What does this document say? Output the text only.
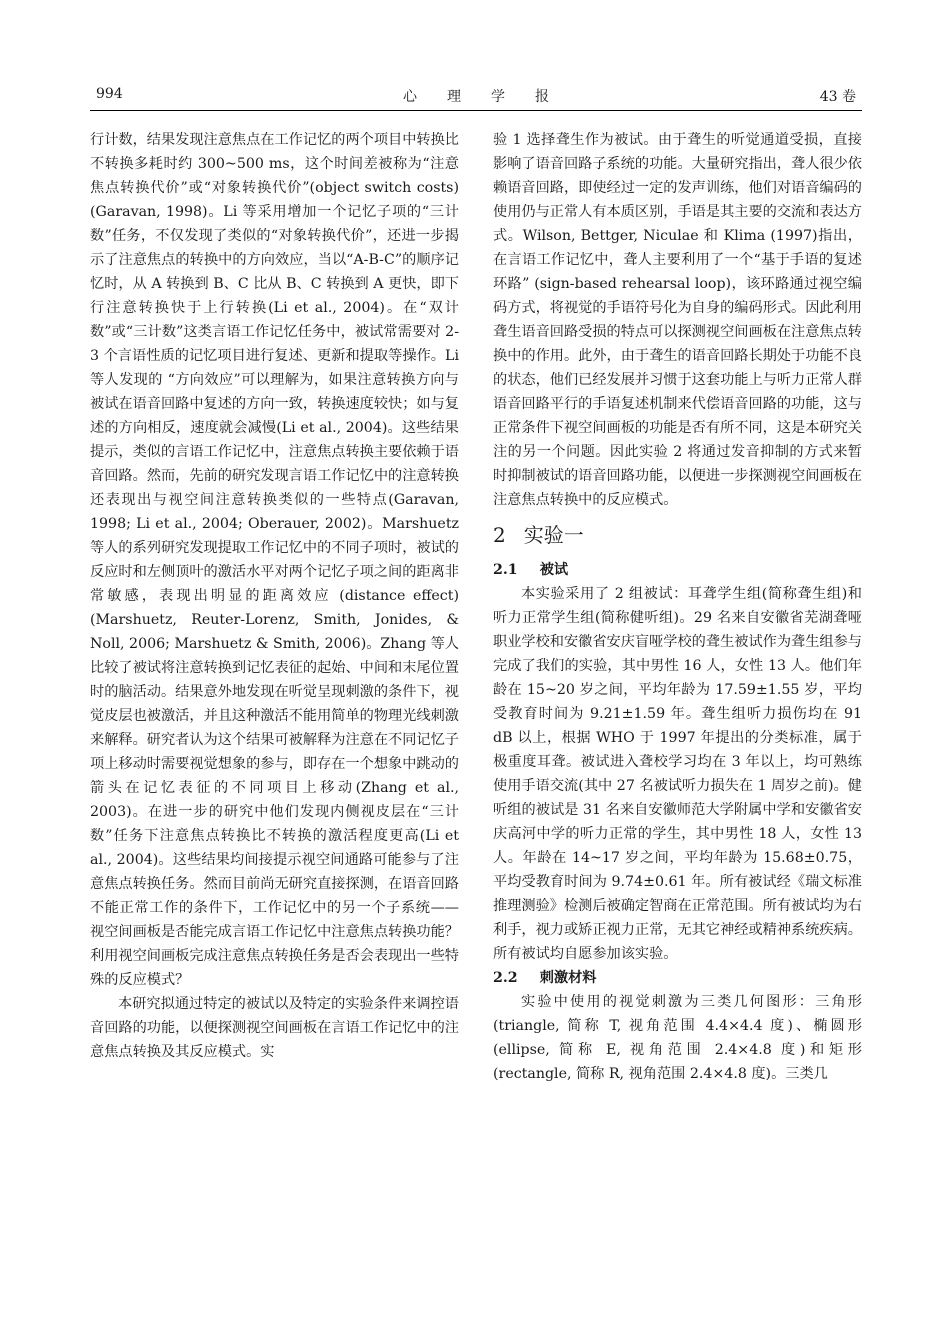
994	心理学报	43 卷

行计数，结果发现注意焦点在工作记忆的两个项目中转换比不转换多耗时约 300~500 ms，这个时间差被称为“注意焦点转换代价”或“对象转换代价”(object switch costs) (Garavan, 1998)。Li 等采用增加一个记忆子项的“三计数”任务，不仅发现了类似的“对象转换代价”，还进一步揭示了注意焦点的转换中的方向效应，当以“A-B-C”的顺序记忆时，从 A 转换到 B、C 比从 B、C 转换到 A 更快，即下行注意转换快于上行转换(Li et al., 2004)。在“双计数”或“三计数”这类言语工作记忆任务中，被试常需要对 2-3 个言语性质的记忆项目进行复述、更新和提取等操作。Li 等人发现的 “方向效应”可以理解为，如果注意转换方向与被试在语音回路中复述的方向一致，转换速度较快；如与复述的方向相反，速度就会减慢(Li et al., 2004)。这些结果提示，类似的言语工作记忆中，注意焦点转换主要依赖于语音回路。然而，先前的研究发现言语工作记忆中的注意转换还表现出与视空间注意转换类似的一些特点(Garavan, 1998; Li et al., 2004; Oberauer, 2002)。Marshuetz 等人的系列研究发现提取工作记忆中的不同子项时，被试的反应时和左侧顶叶的激活水平对两个记忆子项之间的距离非常敏感，表现出明显的距离效应 (distance effect) (Marshuetz, Reuter-Lorenz, Smith, Jonides, & Noll, 2006; Marshuetz & Smith, 2006)。Zhang 等人比较了被试将注意转换到记忆表征的起始、中间和末尾位置时的脑活动。结果意外地发现在听觉呈现刺激的条件下，视觉皮层也被激活，并且这种激活不能用简单的物理光线刺激来解释。研究者认为这个结果可被解释为注意在不同记忆子项上移动时需要视觉想象的参与，即存在一个想象中跳动的箭头在记忆表征的不同项目上移动(Zhang et al., 2003)。在进一步的研究中他们发现内侧视皮层在“三计数”任务下注意焦点转换比不转换的激活程度更高(Li et al., 2004)。这些结果均间接提示视空间通路可能参与了注意焦点转换任务。然而目前尚无研究直接探测，在语音回路不能正常工作的条件下，工作记忆中的另一个子系统—— 视空间画板是否能完成言语工作记忆中注意焦点转换功能？利用视空间画板完成注意焦点转换任务是否会表现出一些特殊的反应模式？

本研究拟通过特定的被试以及特定的实验条件来调控语音回路的功能，以便探测视空间画板在言语工作记忆中的注意焦点转换及其反应模式。实

验 1 选择聋生作为被试。由于聋生的听觉通道受损，直接影响了语音回路子系统的功能。大量研究指出，聋人很少依赖语音回路，即使经过一定的发声训练，他们对语音编码的使用仍与正常人有本质区别，手语是其主要的交流和表达方式。Wilson, Bettger, Niculae 和 Klima (1997)指出，在言语工作记忆中，聋人主要利用了一个“基于手语的复述环路” (sign-based rehearsal loop)，该环路通过视空编码方式，将视觉的手语符号化为自身的编码形式。因此利用聋生语音回路受损的特点可以探测视空间画板在注意焦点转换中的作用。此外，由于聋生的语音回路长期处于功能不良的状态，他们已经发展并习惯于这套功能上与听力正常人群语音回路平行的手语复述机制来代偿语音回路的功能，这与正常条件下视空间画板的功能是否有所不同，这是本研究关注的另一个问题。因此实验 2 将通过发音抑制的方式来暂时抑制被试的语音回路功能，以便进一步探测视空间画板在注意焦点转换中的反应模式。

2 实验一

2.1 被试

本实验采用了 2 组被试：耳聋学生组(简称聋生组)和听力正常学生组(简称健听组)。29 名来自安徽省芜湖聋哑职业学校和安徽省安庆盲哑学校的聋生被试作为聋生组参与完成了我们的实验，其中男性 16 人，女性 13 人。他们年龄在 15~20 岁之间，平均年龄为 17.59±1.55 岁，平均受教育时间为 9.21±1.59 年。聋生组听力损伤均在 91 dB 以上，根据 WHO 于 1997 年提出的分类标准，属于极重度耳聋。被试进入聋校学习均在 3 年以上，均可熟练使用手语交流(其中 27 名被试听力损失在 1 周岁之前)。健听组的被试是 31 名来自安徽师范大学附属中学和安徽省安庆高河中学的听力正常的学生，其中男性 18 人，女性 13 人。年龄在 14~17 岁之间，平均年龄为 15.68±0.75，平均受教育时间为 9.74±0.61 年。所有被试经《瑞文标准推理测验》检测后被确定智商在正常范围。所有被试均为右利手，视力或矫正视力正常，无其它神经或精神系统疾病。所有被试均自愿参加该实验。

2.2 刺激材料

实验中使用的视觉刺激为三类几何图形：三角形(triangle, 简称 T, 视角范围 4.4×4.4 度)、椭圆形(ellipse, 简称 E, 视角范围 2.4×4.8 度)和矩形(rectangle, 简称 R, 视角范围 2.4×4.8 度)。三类几
